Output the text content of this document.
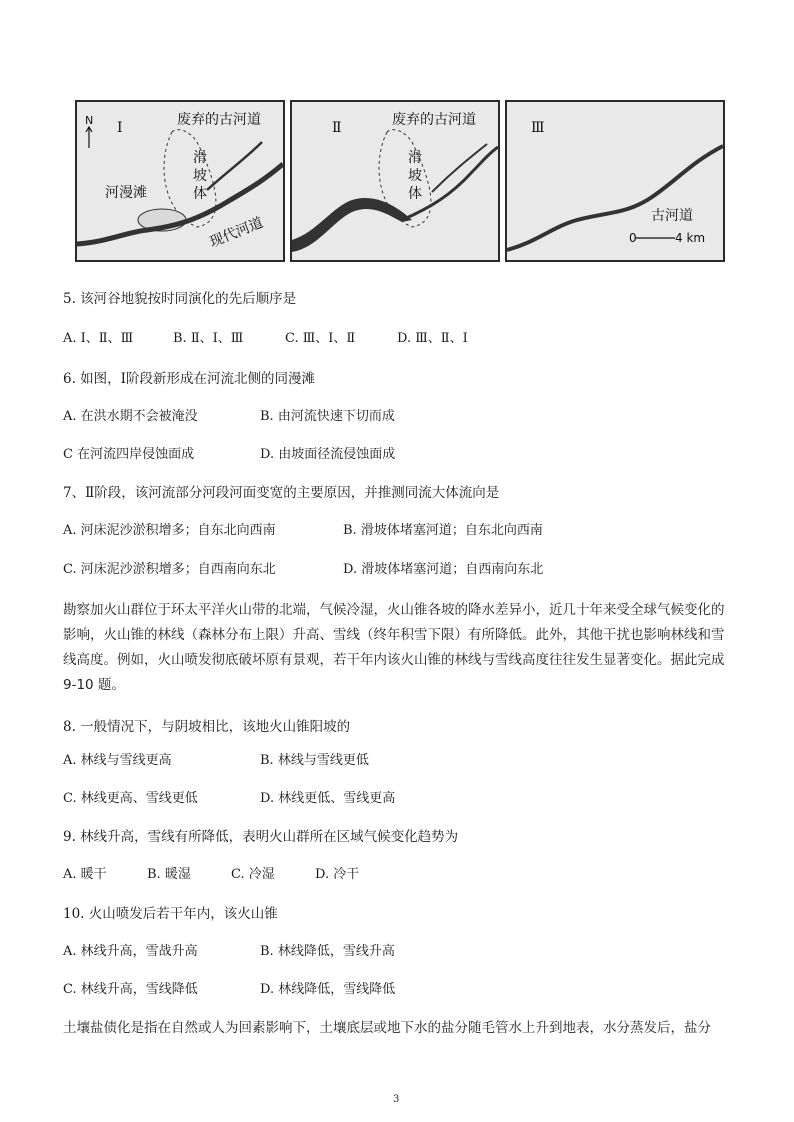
Ⅰ
N	废弃的古河道
滑
坡
体
河漫滩
现代河道
Ⅱ	废弃的古河道
滑
坡
体
Ⅲ
古河道
0	4 km
5. 该河谷地貌按时同演化的先后顺序是
A. Ⅰ、Ⅱ、Ⅲ	B. Ⅱ、Ⅰ、Ⅲ	C. Ⅲ、Ⅰ、Ⅱ	D. Ⅲ、Ⅱ、Ⅰ
6. 如图，Ⅰ阶段新形成在河流北侧的同漫滩
A. 在洪水期不会被淹没	B. 由河流快速下切而成
C 在河流四岸侵蚀面成	D. 由坡面径流侵蚀面成
7、Ⅱ阶段，该河流部分河段河面变宽的主要原因，并推测同流大体流向是
A. 河床泥沙淤积增多；自东北向西南	B. 滑坡体堵塞河道；自东北向西南
C. 河床泥沙淤积增多；自西南向东北	D. 滑坡体堵塞河道；自西南向东北
勘察加火山群位于环太平洋火山带的北端，气候冷湿，火山锥各坡的降水差异小，近几十年来受全球气候变化的影响，火山锥的林线（森林分布上限）升高、雪线（终年积雪下限）有所降低。此外，其他干扰也影响林线和雪线高度。例如，火山喷发彻底破坏原有景观，若干年内该火山锥的林线与雪线高度往往发生显著变化。据此完成 9-10 题。
8. 一般情况下，与阴坡相比，该地火山锥阳坡的
A. 林线与雪线更高	B. 林线与雪线更低
C. 林线更高、雪线更低	D. 林线更低、雪线更高
9. 林线升高，雪线有所降低，表明火山群所在区域气候变化趋势为
A. 暖干	B. 暖湿	C. 冷湿	D. 冷干
10. 火山喷发后若干年内，该火山锥
A. 林线升高，雪战升高	B. 林线降低，雪线升高
C. 林线升高，雪线降低	D. 林线降低，雪线降低
土壤盐债化是指在自然或人为回素影响下，土壤底层或地下水的盐分随毛管水上升到地表，水分蒸发后，盐分
3
